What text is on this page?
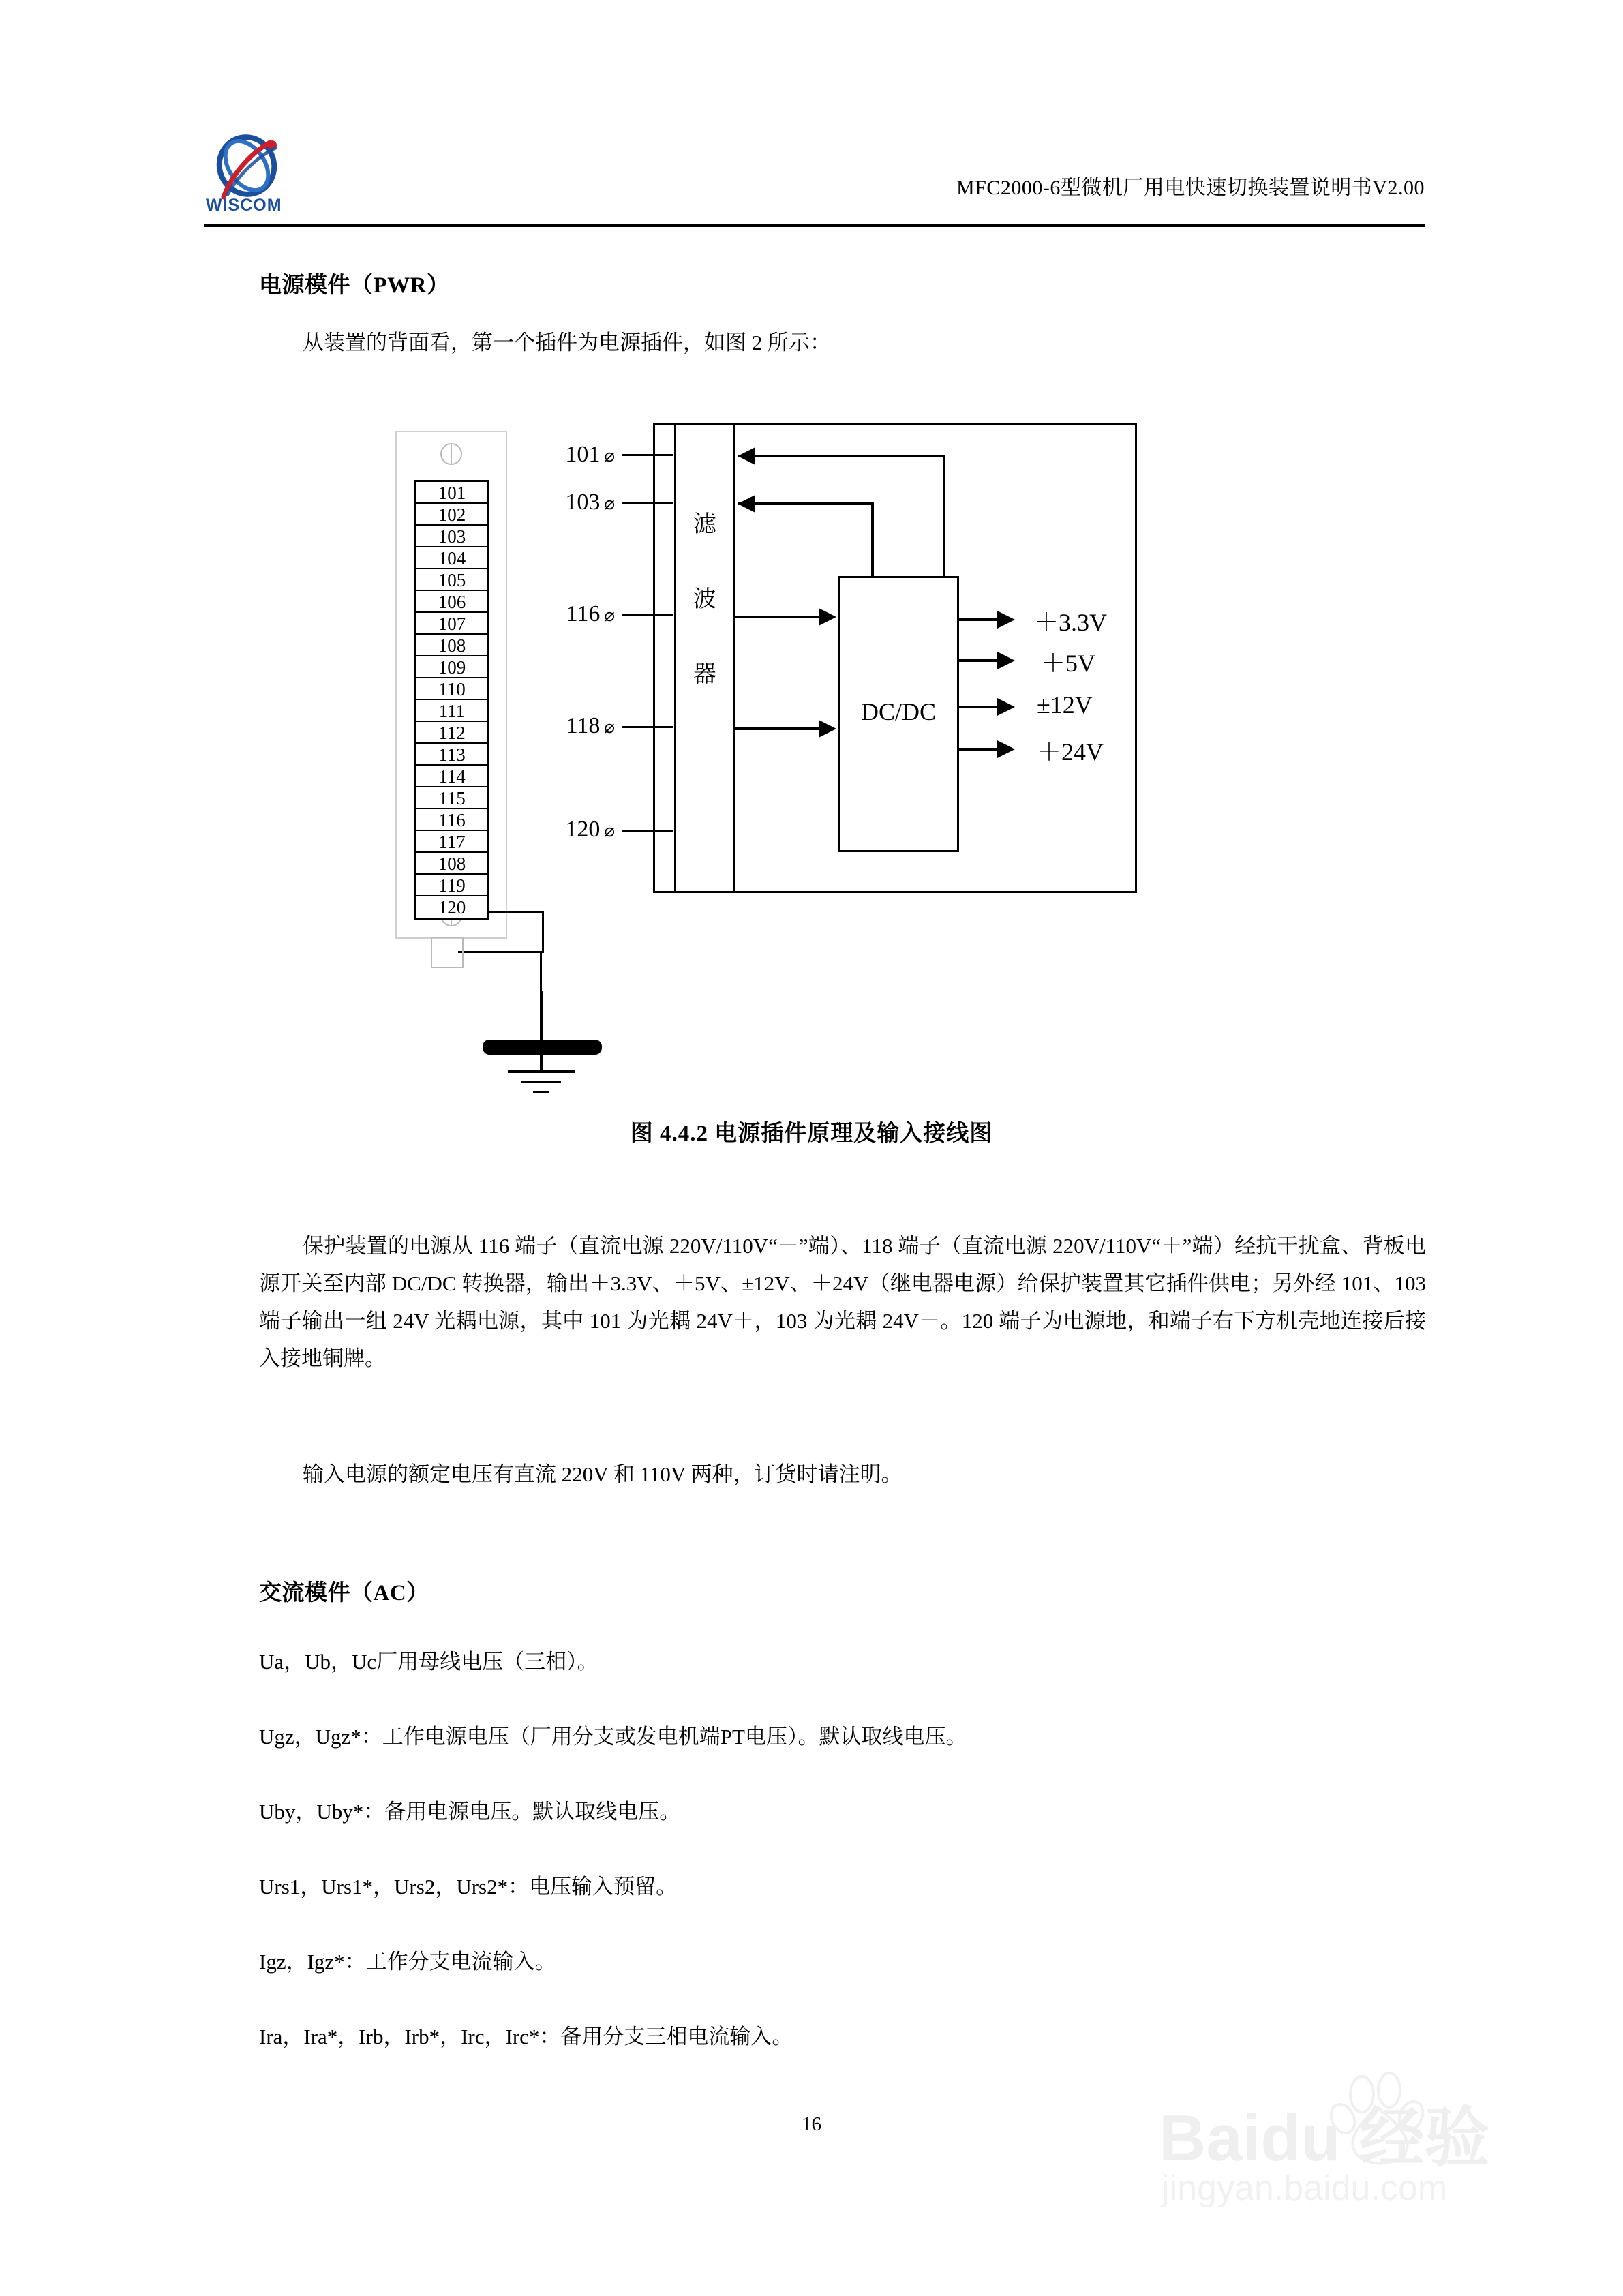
WISCOM
MFC2000-6型微机厂用电快速切换装置说明书V2.00
电源模件（PWR）
从装置的背面看，第一个插件为电源插件，如图 2 所示：
101
102
103
104
105
106
107
108
109
110
111
112
113
114
115
116
117
108
119
120
滤
波
器
DC/DC
＋3.3V
＋5V
±12V
＋24V
101 ⌀
103 ⌀
116 ⌀
118 ⌀
120 ⌀
图 4.4.2 电源插件原理及输入接线图
保护装置的电源从 116 端子（直流电源 220V/110V“－”端）、118 端子（直流电源 220V/110V“＋”端）经抗干扰盒、背板电源开关至内部 DC/DC 转换器，输出＋3.3V、＋5V、±12V、＋24V（继电器电源）给保护装置其它插件供电；另外经 101、103 端子输出一组 24V 光耦电源，其中 101 为光耦 24V＋，103 为光耦 24V－。120 端子为电源地，和端子右下方机壳地连接后接入接地铜牌。
输入电源的额定电压有直流 220V 和 110V 两种，订货时请注明。
交流模件（AC）
Ua，Ub，Uc厂用母线电压（三相）。
Ugz，Ugz*：工作电源电压（厂用分支或发电机端PT电压）。默认取线电压。
Uby，Uby*：备用电源电压。默认取线电压。
Urs1，Urs1*，Urs2，Urs2*：电压输入预留。
Igz，Igz*：工作分支电流输入。
Ira，Ira*，Irb，Irb*，Irc，Irc*：备用分支三相电流输入。
16	Baidu 经验
jingyan.baidu.com
